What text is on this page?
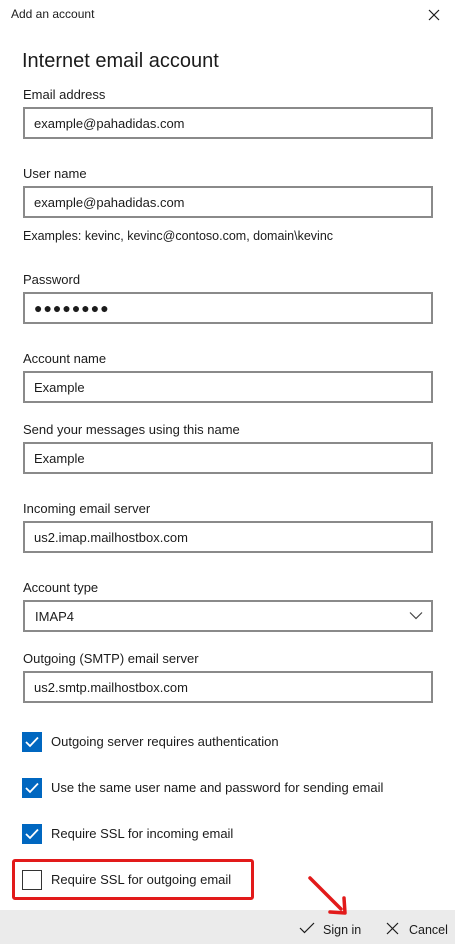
Add an account
Internet email account
Email address
example@pahadidas.com
User name
example@pahadidas.com
Examples: kevinc, kevinc@contoso.com, domain\kevinc
Password
●●●●●●●●
Account name
Example
Send your messages using this name
Example
Incoming email server
us2.imap.mailhostbox.com
Account type
IMAP4
Outgoing (SMTP) email server
us2.smtp.mailhostbox.com
Outgoing server requires authentication
Use the same user name and password for sending email
Require SSL for incoming email
Require SSL for outgoing email
Sign in	Cancel
